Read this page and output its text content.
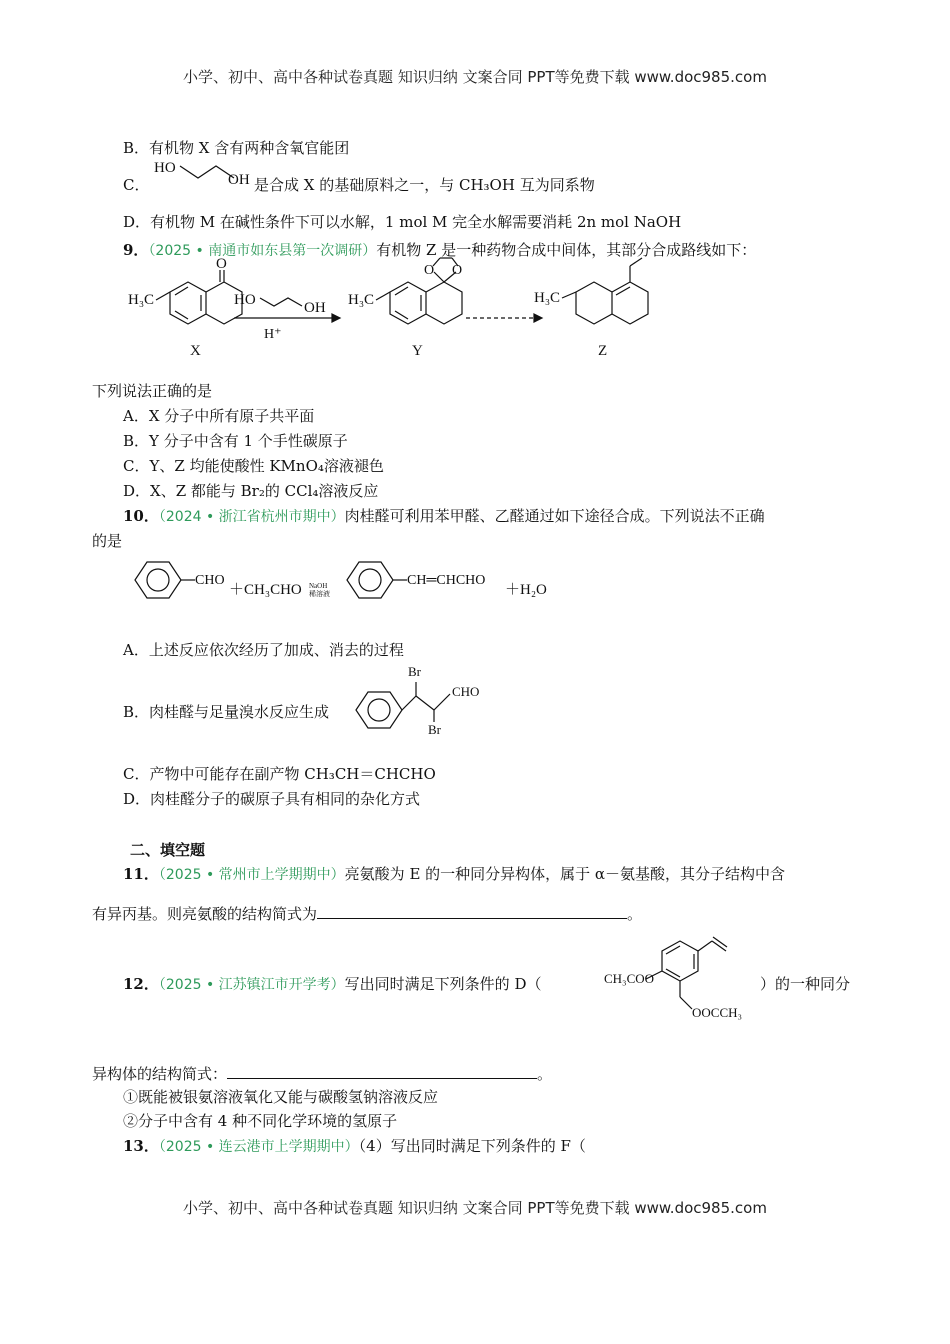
小学、初中、高中各种试卷真题 知识归纳 文案合同 PPT等免费下载 www.doc985.com
B．有机物 X 含有两种含氧官能团
C．
HO
OH 是合成 X 的基础原料之一，与 CH₃OH 互为同系物
D．有机物 M 在碱性条件下可以水解，1 mol M 完全水解需要消耗 2n mol NaOH
9．（2025 • 南通市如东县第一次调研）有机物 Z 是一种药物合成中间体，其部分合成路线如下：
H₃C
O
X
HO	OH
H⁺
H₃C
O O
Y
H₃C
Z
下列说法正确的是
A．X 分子中所有原子共平面
B．Y 分子中含有 1 个手性碳原子
C．Y、Z 均能使酸性 KMnO₄溶液褪色
D．X、Z 都能与 Br₂的 CCl₄溶液反应
10．（2024 • 浙江省杭州市期中）肉桂醛可利用苯甲醛、乙醛通过如下途径合成。下列说法不正确
的是
CHO
＋CH₃CHO NaOH
稀溶液
CH═CHCHO
＋H₂O
A．上述反应依次经历了加成、消去的过程
B．肉桂醛与足量溴水反应生成
Br
Br
CHO
C．产物中可能存在副产物 CH₃CH＝CHCHO
D．肉桂醛分子的碳原子具有相同的杂化方式
二、填空题
11．（2025 • 常州市上学期期中）亮氨酸为 E 的一种同分异构体，属于 α－氨基酸，其分子结构中含
有异丙基。则亮氨酸的结构简式为	。
12．（2025 • 江苏镇江市开学考）写出同时满足下列条件的 D（	CH₃COO
OOCCH₃
）的一种同分
异构体的结构简式：	。
①既能被银氨溶液氧化又能与碳酸氢钠溶液反应
②分子中含有 4 种不同化学环境的氢原子
13．（2025 • 连云港市上学期期中）（4）写出同时满足下列条件的 F（
小学、初中、高中各种试卷真题 知识归纳 文案合同 PPT等免费下载 www.doc985.com
